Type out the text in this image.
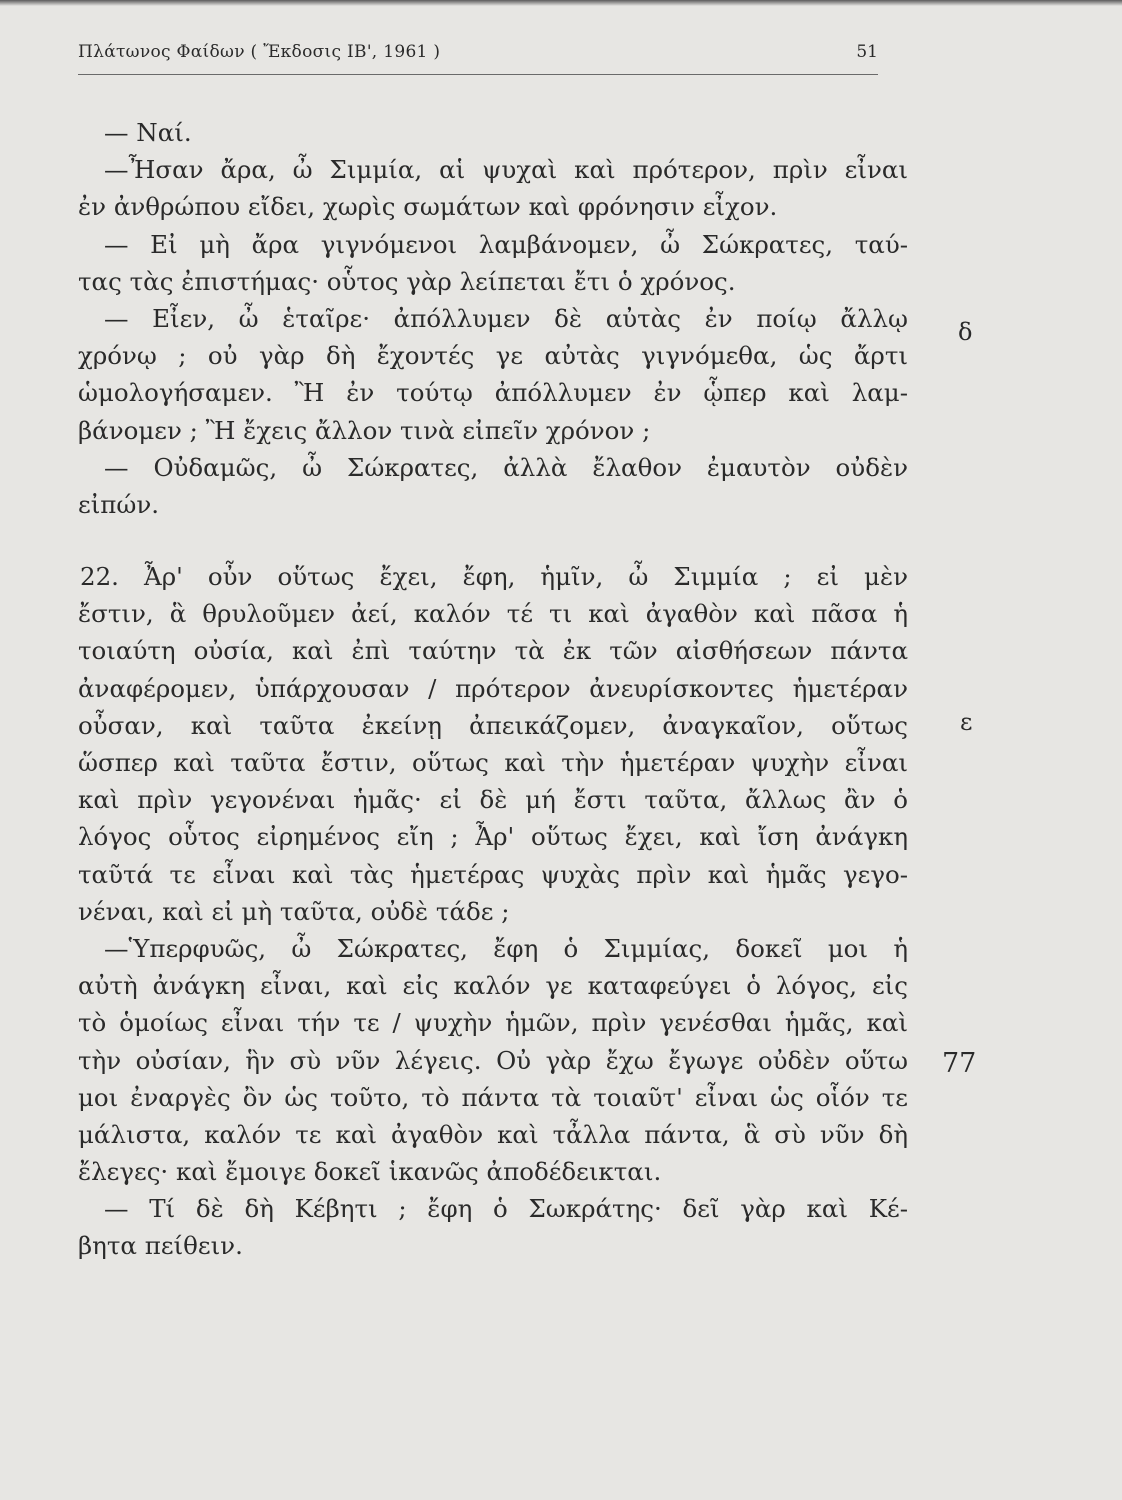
Πλάτωνος Φαίδων ( Ἔκδοσις ΙΒ', 1961 )	51
— Ναί.
—Ἦσαν ἄρα, ὦ Σιμμία, αἱ ψυχαὶ καὶ πρότερον, πρὶν εἶναι
ἐν ἀνθρώπου εἴδει, χωρὶς σωμάτων καὶ φρόνησιν εἶχον.
— Εἰ μὴ ἄρα γιγνόμενοι λαμβάνομεν, ὦ Σώκρατες, ταύ-
τας τὰς ἐπιστήμας· οὗτος γὰρ λείπεται ἔτι ὁ χρόνος.
— Εἶεν, ὦ ἑταῖρε· ἀπόλλυμεν δὲ αὐτὰς ἐν ποίῳ ἄλλῳ
χρόνῳ ; οὐ γὰρ δὴ ἔχοντές γε αὐτὰς γιγνόμεθα, ὡς ἄρτι
ὡμολογήσαμεν. Ἢ ἐν τούτῳ ἀπόλλυμεν ἐν ᾧπερ καὶ λαμ-
βάνομεν ; Ἢ ἔχεις ἄλλον τινὰ εἰπεῖν χρόνον ;
— Οὐδαμῶς, ὦ Σώκρατες, ἀλλὰ ἔλαθον ἐμαυτὸν οὐδὲν
εἰπών.
22. Ἆρ' οὖν οὕτως ἔχει, ἔφη, ἡμῖν, ὦ Σιμμία ; εἰ μὲν
ἔστιν, ἃ θρυλοῦμεν ἀεί, καλόν τέ τι καὶ ἀγαθὸν καὶ πᾶσα ἡ
τοιαύτη οὐσία, καὶ ἐπὶ ταύτην τὰ ἐκ τῶν αἰσθήσεων πάντα
ἀναφέρομεν, ὑπάρχουσαν / πρότερον ἀνευρίσκοντες ἡμετέραν
οὖσαν, καὶ ταῦτα ἐκείνῃ ἀπεικάζομεν, ἀναγκαῖον, οὕτως
ὥσπερ καὶ ταῦτα ἔστιν, οὕτως καὶ τὴν ἡμετέραν ψυχὴν εἶναι
καὶ πρὶν γεγονέναι ἡμᾶς· εἰ δὲ μή ἔστι ταῦτα, ἄλλως ἂν ὁ
λόγος οὗτος εἰρημένος εἴη ; Ἆρ' οὕτως ἔχει, καὶ ἴση ἀνάγκη
ταῦτά τε εἶναι καὶ τὰς ἡμετέρας ψυχὰς πρὶν καὶ ἡμᾶς γεγο-
νέναι, καὶ εἰ μὴ ταῦτα, οὐδὲ τάδε ;
—Ὑπερφυῶς, ὦ Σώκρατες, ἔφη ὁ Σιμμίας, δοκεῖ μοι ἡ
αὐτὴ ἀνάγκη εἶναι, καὶ εἰς καλόν γε καταφεύγει ὁ λόγος, εἰς
τὸ ὁμοίως εἶναι τήν τε / ψυχὴν ἡμῶν, πρὶν γενέσθαι ἡμᾶς, καὶ
τὴν οὐσίαν, ἣν σὺ νῦν λέγεις. Οὐ γὰρ ἔχω ἔγωγε οὐδὲν οὕτω
μοι ἐναργὲς ὂν ὡς τοῦτο, τὸ πάντα τὰ τοιαῦτ' εἶναι ὡς οἷόν τε
μάλιστα, καλόν τε καὶ ἀγαθὸν καὶ τἆλλα πάντα, ἃ σὺ νῦν δὴ
ἔλεγες· καὶ ἔμοιγε δοκεῖ ἱκανῶς ἀποδέδεικται.
— Τί δὲ δὴ Κέβητι ; ἔφη ὁ Σωκράτης· δεῖ γὰρ καὶ Κέ-
βητα πείθειν.
δ
ε
77
